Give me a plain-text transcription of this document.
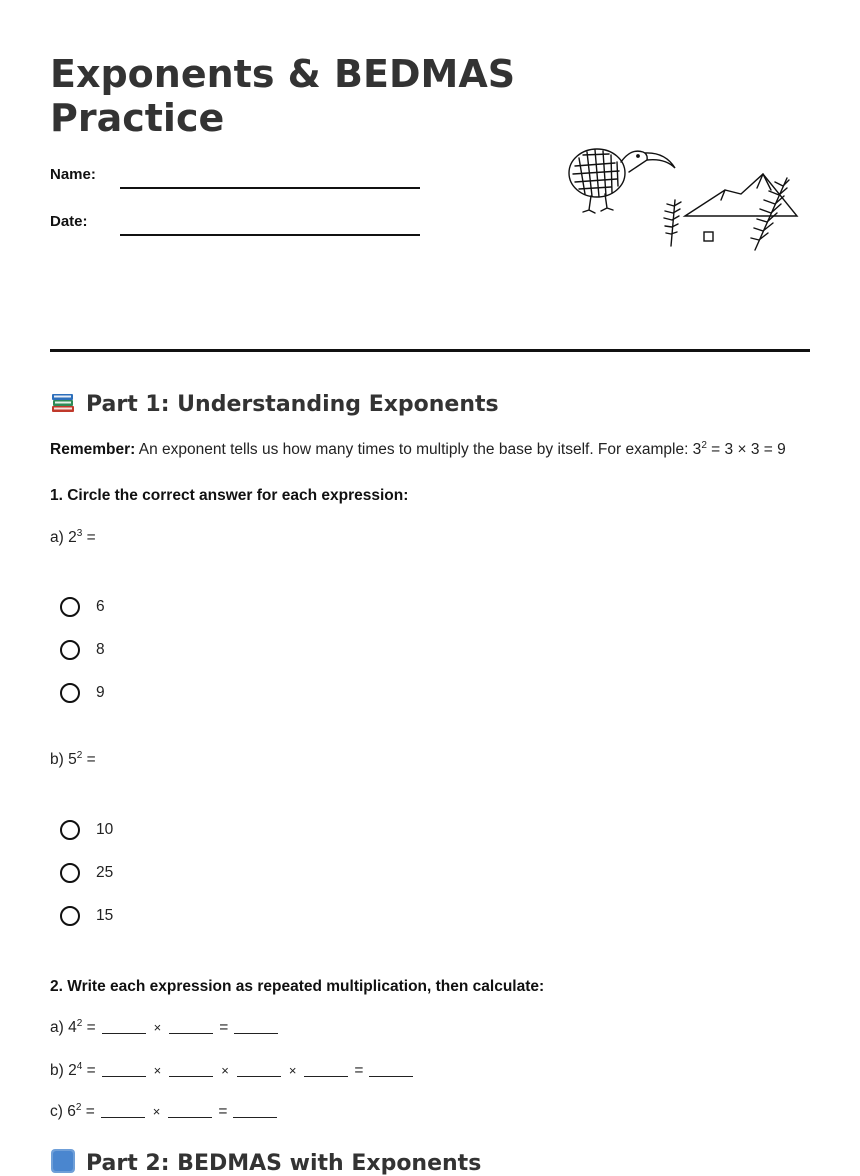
Exponents & BEDMAS Practice
Name:
Date:
Part 1: Understanding Exponents
Remember: An exponent tells us how many times to multiply the base by itself. For example: $3^2 = 3 \times 3 = 9$
1. Circle the correct answer for each expression:
a) $2^3$ =
6
8
9
b) $5^2$ =
10
25
15
2. Write each expression as repeated multiplication, then calculate:
a) $4^2$ =	×	=
b) $2^4$ =	×	×	×	=
c) $6^2$ =	×	=
Part 2: BEDMAS with Exponents
